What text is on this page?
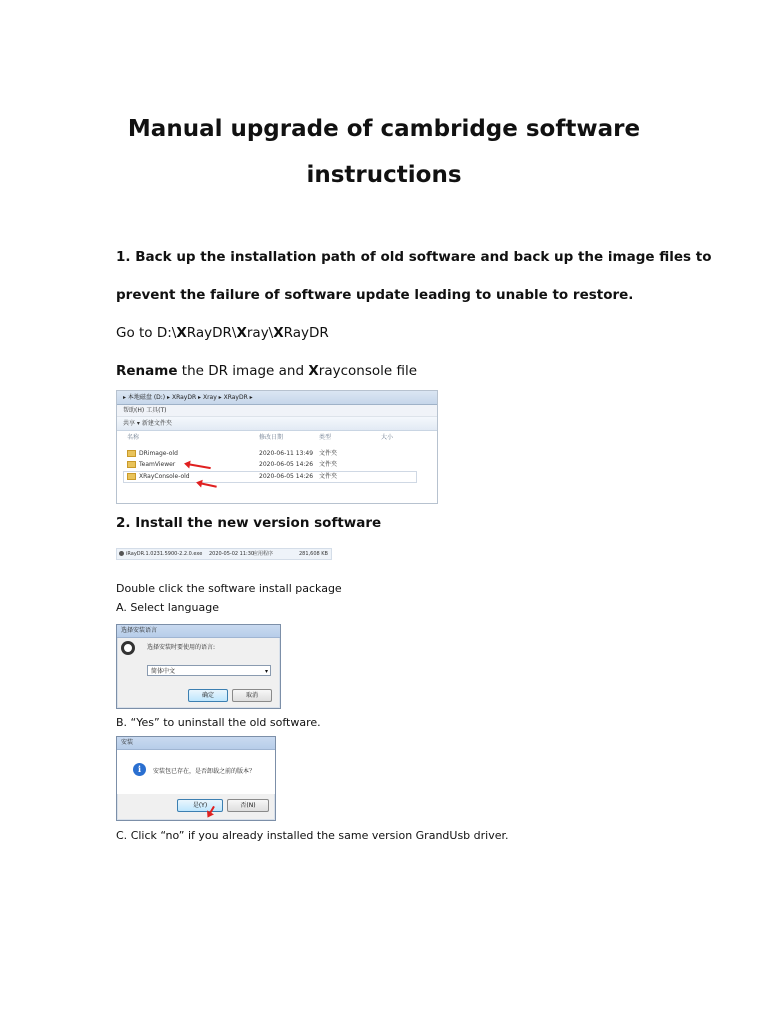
Manual upgrade of cambridge software
instructions
1. Back up the installation path of old software and back up the image files to
prevent the failure of software update leading to unable to restore.
Go to D:\XRayDR\Xray\XRayDR
Rename the DR image and Xrayconsole file
▸ 本地磁盘 (D:) ▸ XRayDR ▸ Xray ▸ XRayDR ▸
帮助(H) 工具(T)
共享 ▾ 新建文件夹
名称	修改日期	类型	大小
DRimage-old	2020-06-11 13:49 文件夹
TeamViewer	2020-06-05 14:26 文件夹
XRayConsole-old	2020-06-05 14:26 文件夹
2. Install the new version software
iRayDR.1.0231.5900-2.2.0.exe 2020-05-02 11:30
应用程序	281,608 KB
Double click the software install package
A. Select language
选择安装语言
选择安装时要使用的语言:
简体中文	▾
确定	取消
B. “Yes” to uninstall the old software.
安装
i	安装包已存在，是否卸载之前的版本？
是(Y)	否(N)
C. Click “no” if you already installed the same version GrandUsb driver.
